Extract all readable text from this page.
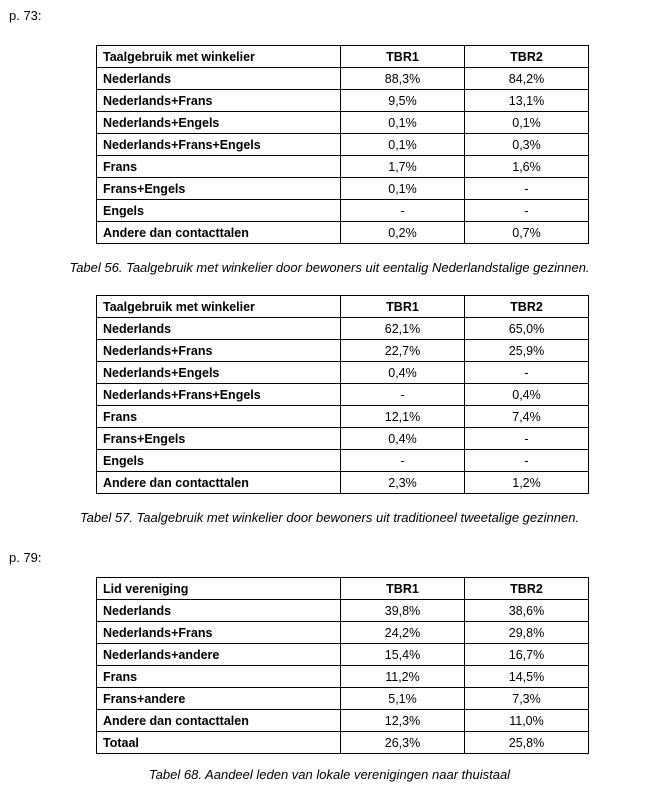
p. 73:
Taalgebruik met winkelier	TBR1	TBR2
Nederlands	88,3%	84,2%
Nederlands+Frans	9,5%	13,1%
Nederlands+Engels	0,1%	0,1%
Nederlands+Frans+Engels	0,1%	0,3%
Frans	1,7%	1,6%
Frans+Engels	0,1%	-
Engels	-	-
Andere dan contacttalen	0,2%	0,7%
Tabel 56. Taalgebruik met winkelier door bewoners uit eentalig Nederlandstalige gezinnen.
Taalgebruik met winkelier	TBR1	TBR2
Nederlands	62,1%	65,0%
Nederlands+Frans	22,7%	25,9%
Nederlands+Engels	0,4%	-
Nederlands+Frans+Engels	-	0,4%
Frans	12,1%	7,4%
Frans+Engels	0,4%	-
Engels	-	-
Andere dan contacttalen	2,3%	1,2%
Tabel 57. Taalgebruik met winkelier door bewoners uit traditioneel tweetalige gezinnen.
p. 79:
Lid vereniging	TBR1	TBR2
Nederlands	39,8%	38,6%
Nederlands+Frans	24,2%	29,8%
Nederlands+andere	15,4%	16,7%
Frans	11,2%	14,5%
Frans+andere	5,1%	7,3%
Andere dan contacttalen	12,3%	11,0%
Totaal	26,3%	25,8%
Tabel 68. Aandeel leden van lokale verenigingen naar thuistaal
